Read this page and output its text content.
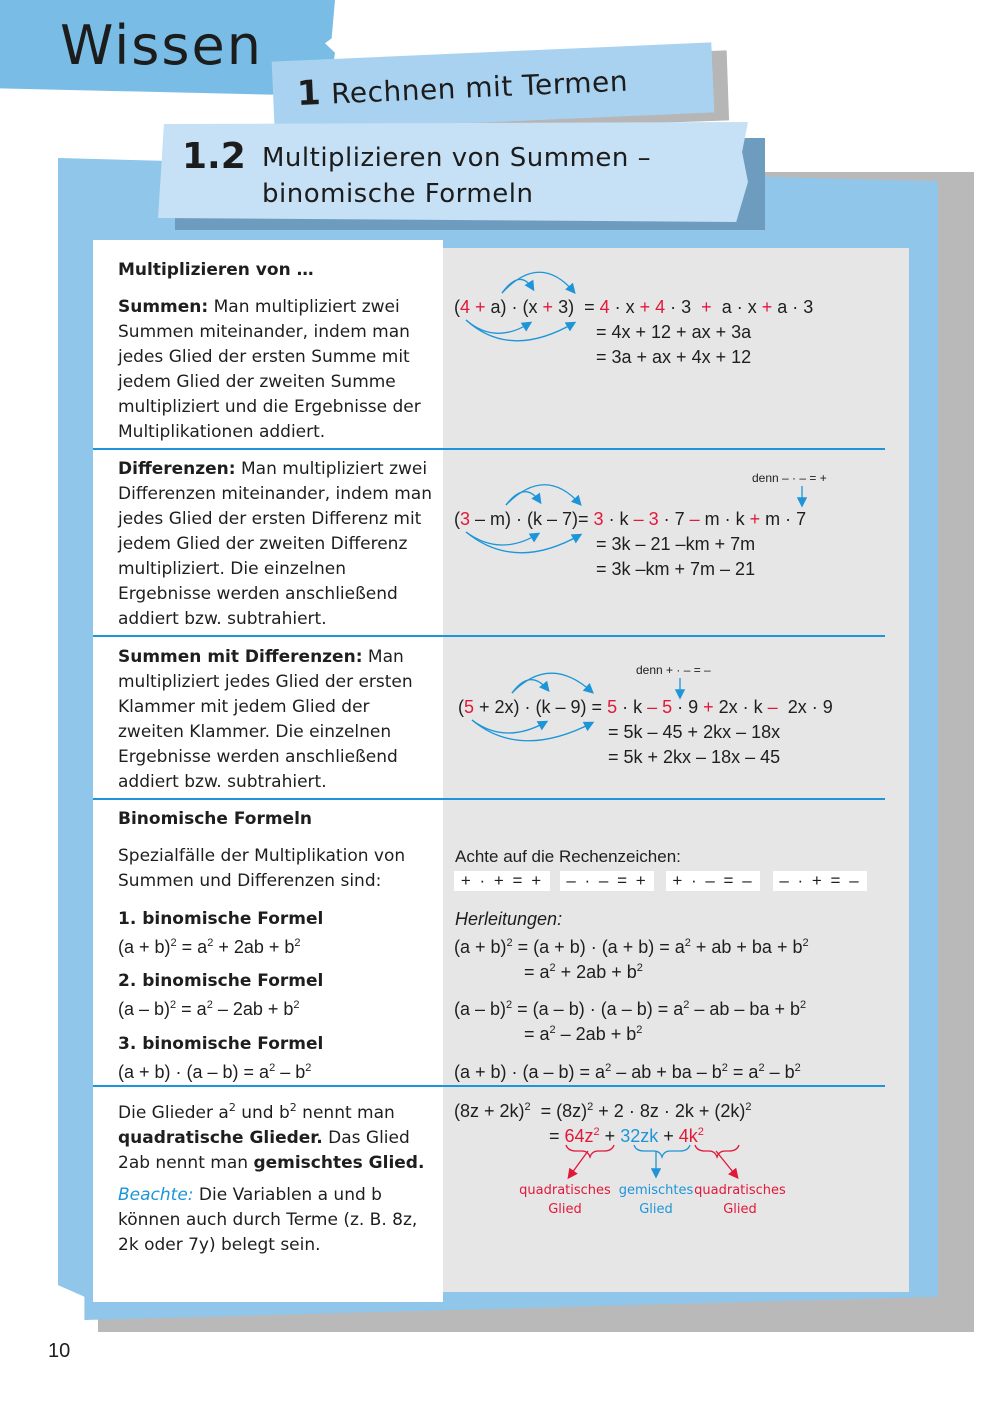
Wissen
1 Rechnen mit Termen
1.2 Multiplizieren von Summen –
binomische Formeln
Multiplizieren von …
Summen: Man multipliziert zwei Summen miteinander, indem man jedes Glied der ersten Summe mit jedem Glied der zweiten Summe multipliziert und die Ergebnisse der Multiplikationen addiert.
(4 + a) · (x + 3)  = 4 · x + 4 · 3  +  a · x + a · 3
= 4x + 12 + ax + 3a
= 3a + ax + 4x + 12
Differenzen: Man multipliziert zwei Differenzen miteinander, indem man jedes Glied der ersten Differenz mit jedem Glied der zweiten Differenz multipliziert. Die einzelnen Ergebnisse werden anschließend addiert bzw. subtrahiert.
denn – · – = +
(3 – m) · (k – 7)= 3 · k – 3 · 7 – m · k + m · 7
= 3k – 21 –km + 7m
= 3k –km + 7m – 21
Summen mit Differenzen: Man multipliziert jedes Glied der ersten Klammer mit jedem Glied der zweiten Klammer. Die einzelnen Ergebnisse werden anschließend addiert bzw. subtrahiert.
denn + · – = –
(5 + 2x) · (k – 9) = 5 · k – 5 · 9 + 2x · k –  2x · 9
= 5k – 45 + 2kx – 18x
= 5k + 2kx – 18x – 45
Binomische Formeln
Spezialfälle der Multiplikation von Summen und Differenzen sind:
1. binomische Formel
$(a + b)^2 = a^2 + 2ab + b^2$
2. binomische Formel
$(a - b)^2 = a^2 - 2ab + b^2$
3. binomische Formel
$(a + b) \cdot (a - b) = a^2 - b^2$
Achte auf die Rechenzeichen:
+ · + = +	– · – = +	+ · – = –	– · + = –
Herleitungen:
$(a + b)^2 = (a + b) \cdot (a + b) = a^2$ + ab + ba + $b^2$
= $a^2 + 2ab + b^2$
$(a - b)^2 = (a - b) \cdot (a - b) = a^2$ – ab – ba + $b^2$
= $a^2 - 2ab + b^2$
$(a + b) \cdot (a - b) = a^2$ – ab + ba – $b^2 = a^2 - b^2$
Die Glieder $a^2$ und $b^2$ nennt man quadratische Glieder. Das Glied 2ab nennt man gemischtes Glied.
Beachte: Die Variablen a und b können auch durch Terme (z. B. 8z, 2k oder 7y) belegt sein.
$(8z + 2k)^2 = (8z)^2 + 2 \cdot 8z \cdot 2k + (2k)^2$
= $64z^2 + 32zk + 4k^2$
quadratisches
Glied
gemischtes
Glied
quadratisches
Glied
10
